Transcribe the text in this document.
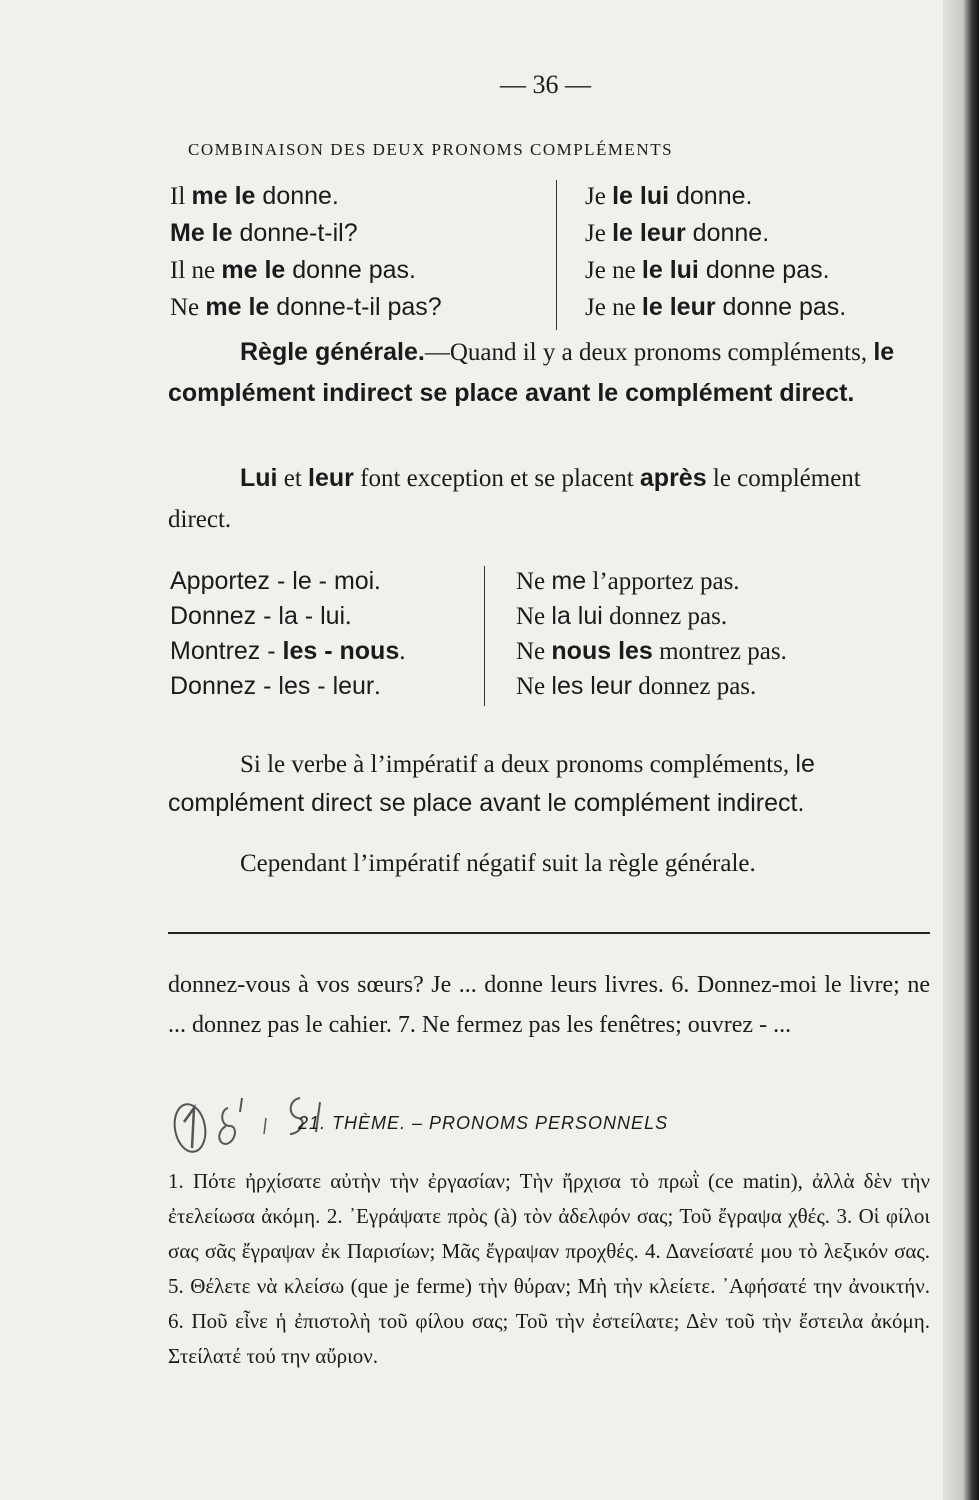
— 36 —
COMBINAISON DES DEUX PRONOMS COMPLÉMENTS
Il me le donne.
Me le donne-t-il?
Il ne me le donne pas.
Ne me le donne-t-il pas?
Je le lui donne.
Je le leur donne.
Je ne le lui donne pas.
Je ne le leur donne pas.
Règle générale.—Quand il y a deux pronoms compléments, le complément indirect se place avant le complément direct.
Lui et leur font exception et se placent après le complément direct.
Apportez - le - moi.
Donnez - la - lui.
Montrez - les - nous.
Donnez - les - leur.
Ne me l’apportez pas.
Ne la lui donnez pas.
Ne nous les montrez pas.
Ne les leur donnez pas.
Si le verbe à l’impératif a deux pronoms compléments, le complément direct se place avant le complément indirect.
Cependant l’impératif négatif suit la règle générale.
donnez-vous à vos sœurs? Je ... donne leurs livres. 6. Donnez-moi le livre; ne ... donnez pas le cahier. 7. Ne fermez pas les fenêtres; ouvrez - ...
21. THÈME. – PRONOMS PERSONNELS
1. Πότε ἠρχίσατε αὐτὴν τὴν ἐργασίαν; Τὴν ἤρχισα τὸ πρωῒ (ce matin), ἀλλὰ δὲν τὴν ἐτελείωσα ἀκόμη. 2. ᾿Εγράψατε πρὸς (à) τὸν ἀδελφόν σας; Τοῦ ἔγραψα χθές. 3. Οἱ φίλοι σας σᾶς ἔγραψαν ἐκ Παρισίων; Μᾶς ἔγραψαν προχθές. 4. Δανείσατέ μου τὸ λεξικόν σας. 5. Θέλετε νὰ κλείσω (que je ferme) τὴν θύραν; Μὴ τὴν κλείετε. ᾿Αφήσατέ την ἀνοικτήν. 6. Ποῦ εἶνε ἡ ἐπιστολὴ τοῦ φίλου σας; Τοῦ τὴν ἐστείλατε; Δὲν τοῦ τὴν ἔστειλα ἀκόμη. Στείλατέ τού την αὔριον.
